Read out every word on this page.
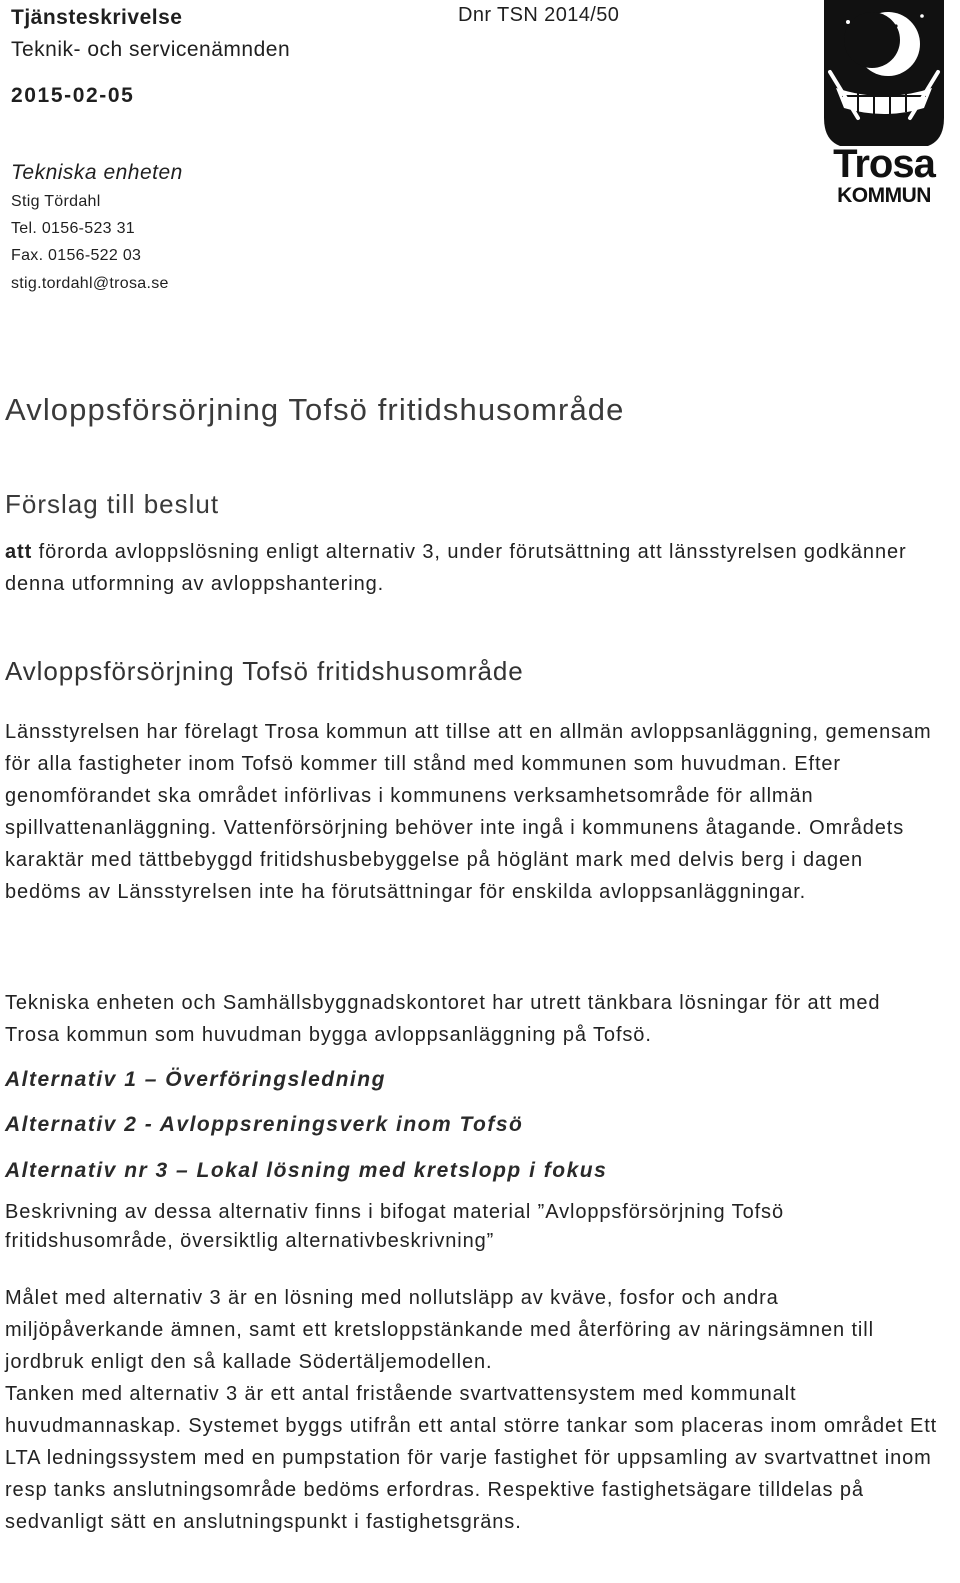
Tjänsteskrivelse	Dnr TSN 2014/50
Teknik- och servicenämnden
2015-02-05
Tekniska enheten
Stig Tördahl
Tel. 0156-523 31
Fax. 0156-522 03
stig.tordahl@trosa.se
Trosa
KOMMUN
Avloppsförsörjning Tofsö fritidshusområde
Förslag till beslut

att förorda avloppslösning enligt alternativ 3, under förutsättning att länsstyrelsen godkänner denna utformning av avloppshantering.

Avloppsförsörjning Tofsö fritidshusområde

Länsstyrelsen har förelagt Trosa kommun att tillse att en allmän avloppsanläggning, gemensam för alla fastigheter inom Tofsö kommer till stånd med kommunen som huvudman. Efter genomförandet ska området införlivas i kommunens verksamhetsområde för allmän spillvattenanläggning. Vattenförsörjning behöver inte ingå i kommunens åtagande. Områdets karaktär med tättbebyggd fritidshusbebyggelse på höglänt mark med delvis berg i dagen bedöms av Länsstyrelsen inte ha förutsättningar för enskilda avloppsanläggningar.

Tekniska enheten och Samhällsbyggnadskontoret har utrett tänkbara lösningar för att med Trosa kommun som huvudman bygga avloppsanläggning på Tofsö.

Alternativ 1 – Överföringsledning
Alternativ 2 - Avloppsreningsverk inom Tofsö
Alternativ nr 3 – Lokal lösning med kretslopp i fokus

Beskrivning av dessa alternativ finns i bifogat material ”Avloppsförsörjning Tofsö fritidshusområde, översiktlig alternativbeskrivning”

Målet med alternativ 3 är en lösning med nollutsläpp av kväve, fosfor och andra miljöpåverkande ämnen, samt ett kretsloppstänkande med återföring av näringsämnen till jordbruk enligt den så kallade Södertäljemodellen.

Tanken med alternativ 3 är ett antal fristående svartvattensystem med kommunalt huvudmannaskap. Systemet byggs utifrån ett antal större tankar som placeras inom området Ett LTA ledningssystem med en pumpstation för varje fastighet för uppsamling av svartvattnet inom resp tanks anslutningsområde bedöms erfordras. Respektive fastighetsägare tilldelas på sedvanligt sätt en anslutningspunkt i fastighetsgräns.
